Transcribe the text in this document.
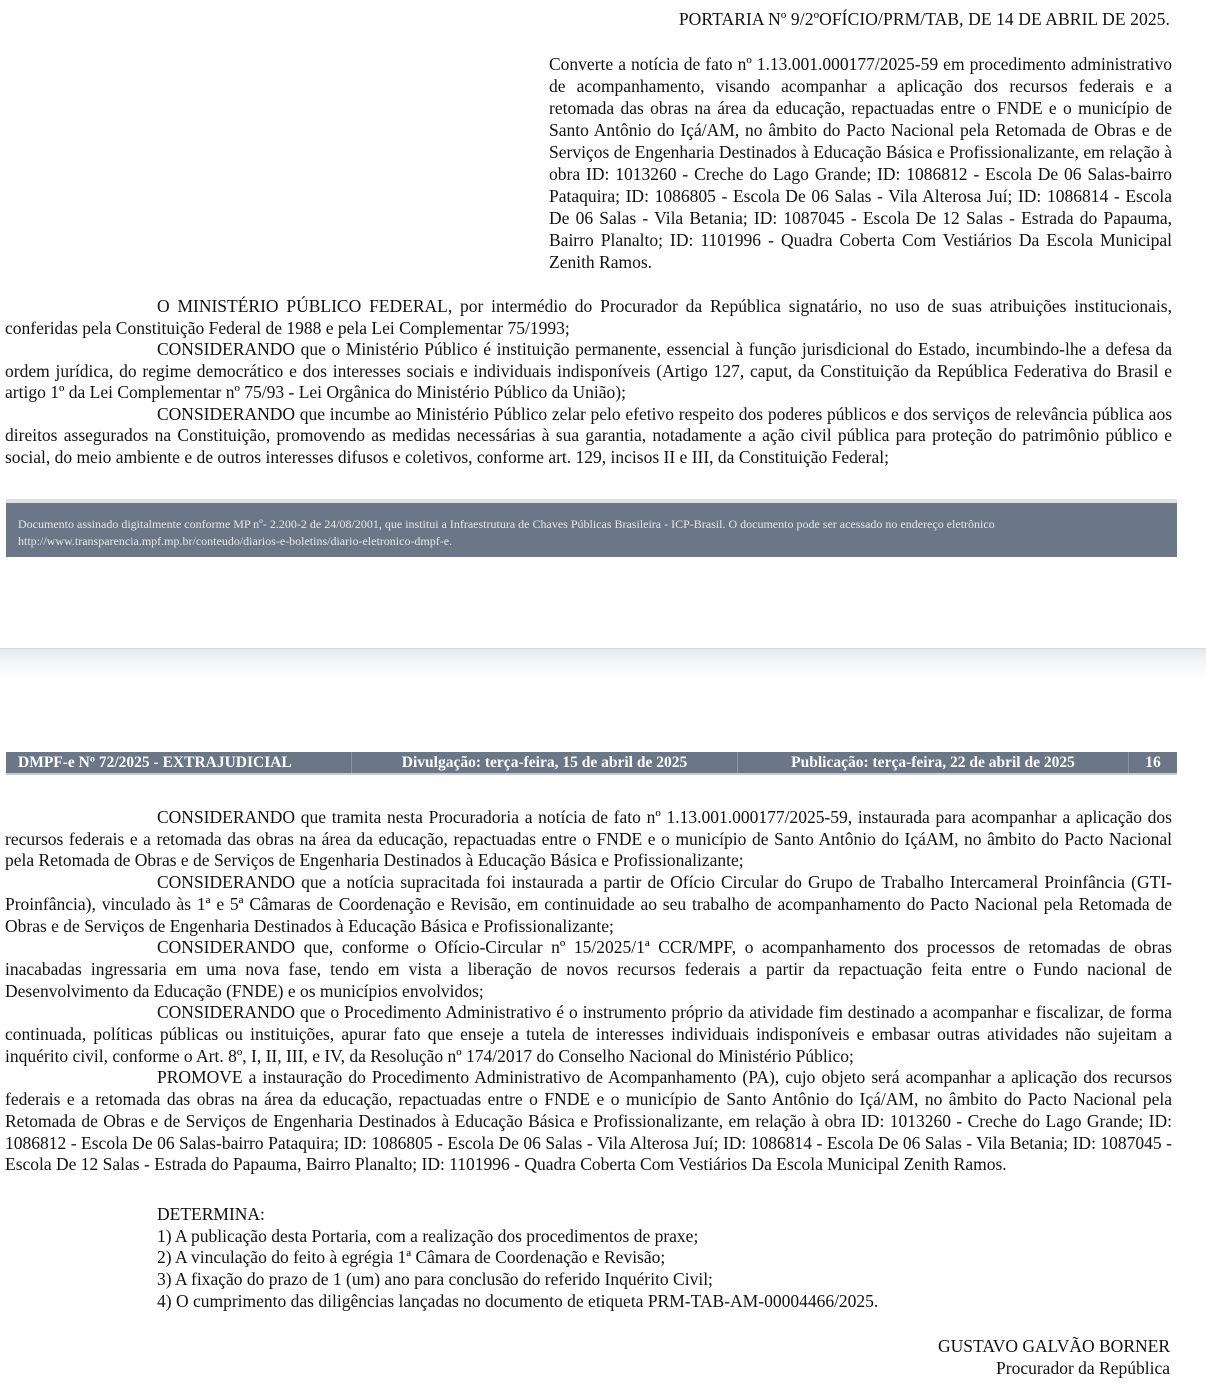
PORTARIA Nº 9/2ºOFÍCIO/PRM/TAB, DE 14 DE ABRIL DE 2025.
Converte a notícia de fato nº 1.13.001.000177/2025-59 em procedimento administrativo de acompanhamento, visando acompanhar a aplicação dos recursos federais e a retomada das obras na área da educação, repactuadas entre o FNDE e o município de Santo Antônio do Içá/AM, no âmbito do Pacto Nacional pela Retomada de Obras e de Serviços de Engenharia Destinados à Educação Básica e Profissionalizante, em relação à obra ID: 1013260 - Creche do Lago Grande; ID: 1086812 - Escola De 06 Salas-bairro Pataquira; ID: 1086805 - Escola De 06 Salas - Vila Alterosa Juí; ID: 1086814 - Escola De 06 Salas - Vila Betania; ID: 1087045 - Escola De 12 Salas - Estrada do Papauma, Bairro Planalto; ID: 1101996 - Quadra Coberta Com Vestiários Da Escola Municipal Zenith Ramos.

O MINISTÉRIO PÚBLICO FEDERAL, por intermédio do Procurador da República signatário, no uso de suas atribuições institucionais, conferidas pela Constituição Federal de 1988 e pela Lei Complementar 75/1993;

CONSIDERANDO que o Ministério Público é instituição permanente, essencial à função jurisdicional do Estado, incumbindo-lhe a defesa da ordem jurídica, do regime democrático e dos interesses sociais e individuais indisponíveis (Artigo 127, caput, da Constituição da República Federativa do Brasil e artigo 1º da Lei Complementar nº 75/93 - Lei Orgânica do Ministério Público da União);

CONSIDERANDO que incumbe ao Ministério Público zelar pelo efetivo respeito dos poderes públicos e dos serviços de relevância pública aos direitos assegurados na Constituição, promovendo as medidas necessárias à sua garantia, notadamente a ação civil pública para proteção do patrimônio público e social, do meio ambiente e de outros interesses difusos e coletivos, conforme art. 129, incisos II e III, da Constituição Federal;

Documento assinado digitalmente conforme MP nº- 2.200-2 de 24/08/2001, que institui a Infraestrutura de Chaves Públicas Brasileira - ICP-Brasil. O documento pode ser acessado no endereço eletrônico http://www.transparencia.mpf.mp.br/conteudo/diarios-e-boletins/diario-eletronico-dmpf-e.
DMPF-e Nº 72/2025 - EXTRAJUDICIAL	Divulgação: terça-feira, 15 de abril de 2025	Publicação: terça-feira, 22 de abril de 2025	16

CONSIDERANDO que tramita nesta Procuradoria a notícia de fato nº 1.13.001.000177/2025-59, instaurada para acompanhar a aplicação dos recursos federais e a retomada das obras na área da educação, repactuadas entre o FNDE e o município de Santo Antônio do IçáAM, no âmbito do Pacto Nacional pela Retomada de Obras e de Serviços de Engenharia Destinados à Educação Básica e Profissionalizante;

CONSIDERANDO que a notícia supracitada foi instaurada a partir de Ofício Circular do Grupo de Trabalho Intercameral Proinfância (GTI-Proinfância), vinculado às 1ª e 5ª Câmaras de Coordenação e Revisão, em continuidade ao seu trabalho de acompanhamento do Pacto Nacional pela Retomada de Obras e de Serviços de Engenharia Destinados à Educação Básica e Profissionalizante;

CONSIDERANDO que, conforme o Ofício-Circular nº 15/2025/1ª CCR/MPF, o acompanhamento dos processos de retomadas de obras inacabadas ingressaria em uma nova fase, tendo em vista a liberação de novos recursos federais a partir da repactuação feita entre o Fundo nacional de Desenvolvimento da Educação (FNDE) e os municípios envolvidos;

CONSIDERANDO que o Procedimento Administrativo é o instrumento próprio da atividade fim destinado a acompanhar e fiscalizar, de forma continuada, políticas públicas ou instituições, apurar fato que enseje a tutela de interesses individuais indisponíveis e embasar outras atividades não sujeitam a inquérito civil, conforme o Art. 8º, I, II, III, e IV, da Resolução nº 174/2017 do Conselho Nacional do Ministério Público;

PROMOVE a instauração do Procedimento Administrativo de Acompanhamento (PA), cujo objeto será acompanhar a aplicação dos recursos federais e a retomada das obras na área da educação, repactuadas entre o FNDE e o município de Santo Antônio do Içá/AM, no âmbito do Pacto Nacional pela Retomada de Obras e de Serviços de Engenharia Destinados à Educação Básica e Profissionalizante, em relação à obra ID: 1013260 - Creche do Lago Grande; ID: 1086812 - Escola De 06 Salas-bairro Pataquira; ID: 1086805 - Escola De 06 Salas - Vila Alterosa Juí; ID: 1086814 - Escola De 06 Salas - Vila Betania; ID: 1087045 - Escola De 12 Salas - Estrada do Papauma, Bairro Planalto; ID: 1101996 - Quadra Coberta Com Vestiários Da Escola Municipal Zenith Ramos.

DETERMINA:
1) A publicação desta Portaria, com a realização dos procedimentos de praxe;
2) A vinculação do feito à egrégia 1ª Câmara de Coordenação e Revisão;
3) A fixação do prazo de 1 (um) ano para conclusão do referido Inquérito Civil;
4) O cumprimento das diligências lançadas no documento de etiqueta PRM-TAB-AM-00004466/2025.
GUSTAVO GALVÃO BORNER
Procurador da República
